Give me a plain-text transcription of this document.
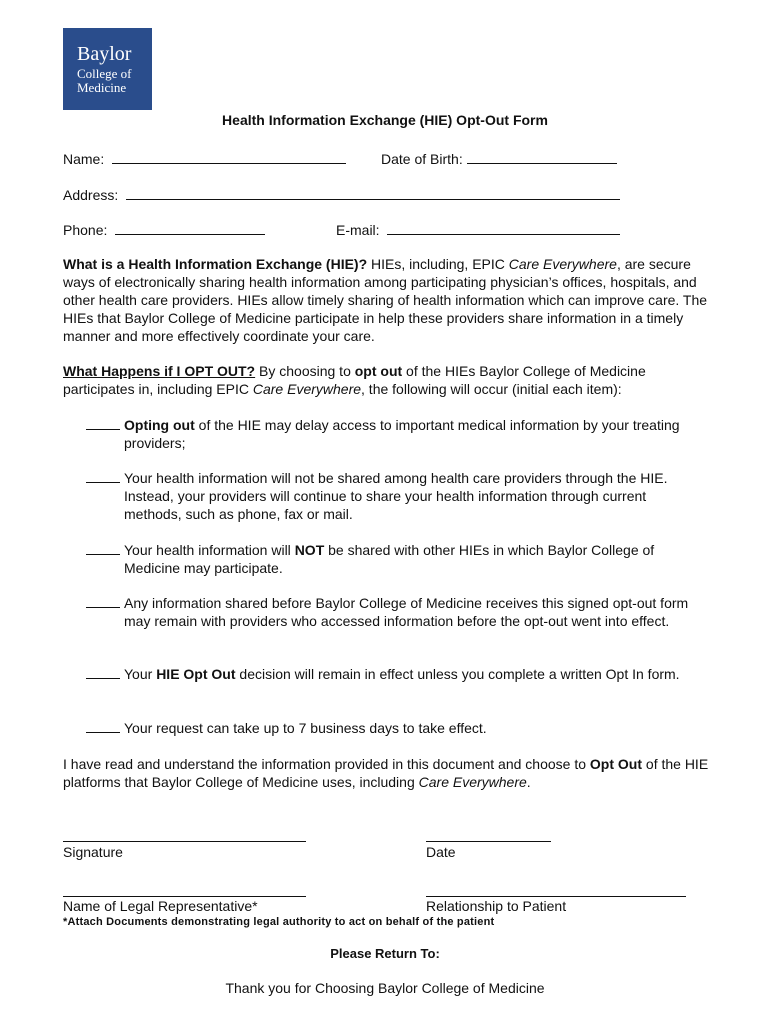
Baylor
College of
Medicine
Health Information Exchange (HIE) Opt-Out Form
Name:	Date of Birth:
Address:
Phone:	E-mail:
What is a Health Information Exchange (HIE)? HIEs, including, EPIC Care Everywhere, are secure ways of electronically sharing health information among participating physician’s offices, hospitals, and other health care providers. HIEs allow timely sharing of health information which can improve care. The HIEs that Baylor College of Medicine participate in help these providers share information in a timely manner and more effectively coordinate your care.
What Happens if I OPT OUT? By choosing to opt out of the HIEs Baylor College of Medicine participates in, including EPIC Care Everywhere, the following will occur (initial each item):
Opting out of the HIE may delay access to important medical information by your treating providers;
Your health information will not be shared among health care providers through the HIE. Instead, your providers will continue to share your health information through current methods, such as phone, fax or mail.
Your health information will NOT be shared with other HIEs in which Baylor College of Medicine may participate.
Any information shared before Baylor College of Medicine receives this signed opt-out form may remain with providers who accessed information before the opt-out went into effect.
Your HIE Opt Out decision will remain in effect unless you complete a written Opt In form.
Your request can take up to 7 business days to take effect.
I have read and understand the information provided in this document and choose to Opt Out of the HIE platforms that Baylor College of Medicine uses, including Care Everywhere.
Signature	Date
Name of Legal Representative*	Relationship to Patient
*Attach Documents demonstrating legal authority to act on behalf of the patient
Please Return To:
Thank you for Choosing Baylor College of Medicine
